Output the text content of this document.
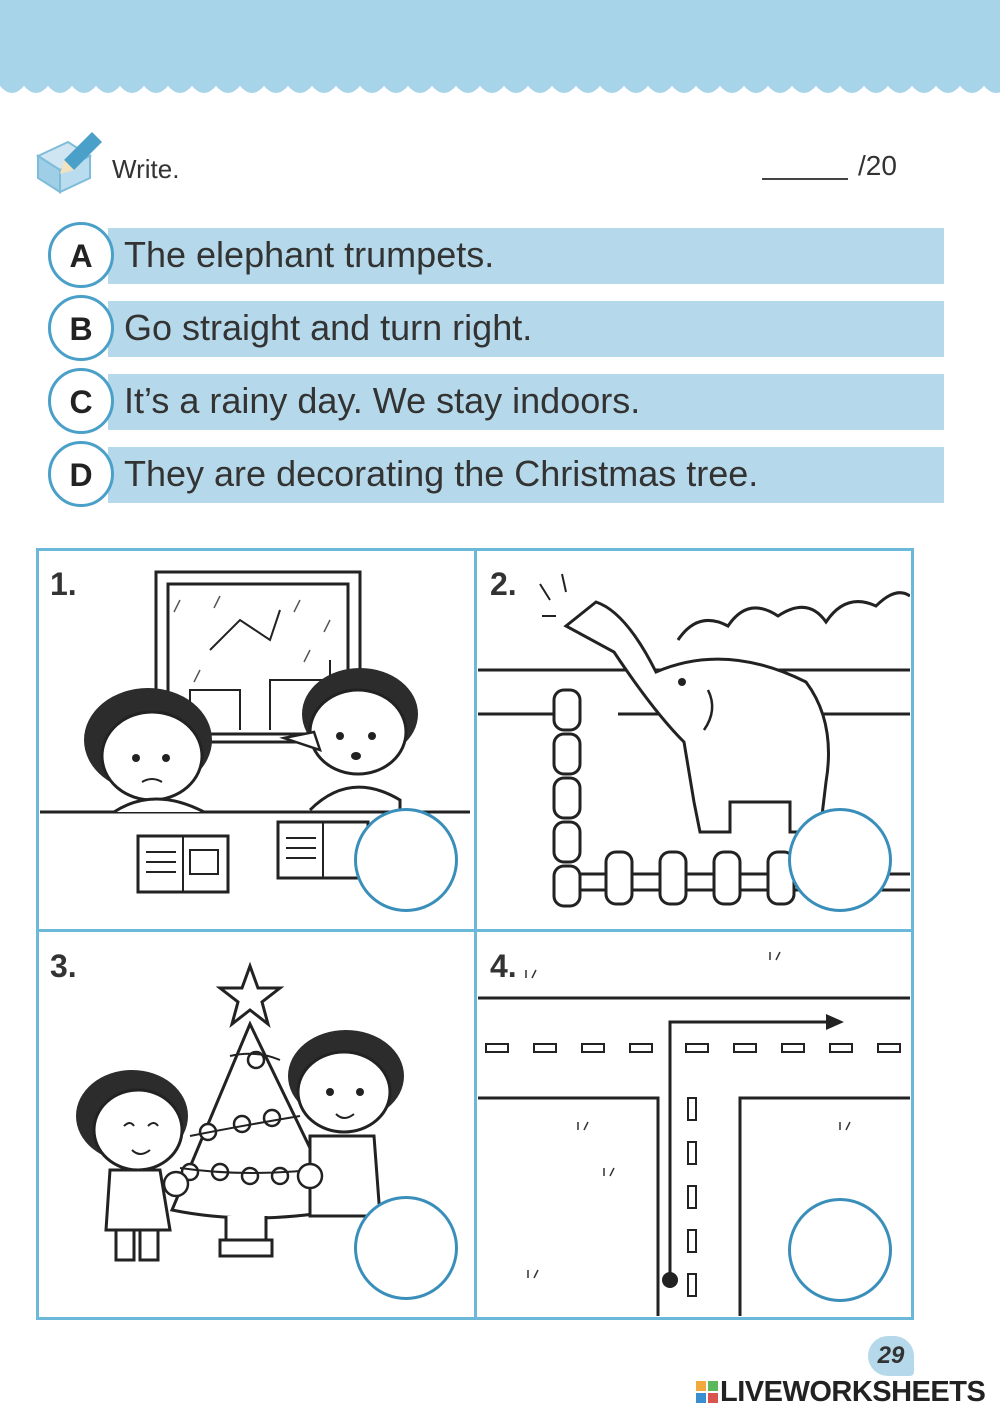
Write.	/20
A The elephant trumpets.
B Go straight and turn right.
C It’s a rainy day. We stay indoors.
D They are decorating the Christmas tree.
1.	2.
3.	4.
29
LIVEWORKSHEETS
